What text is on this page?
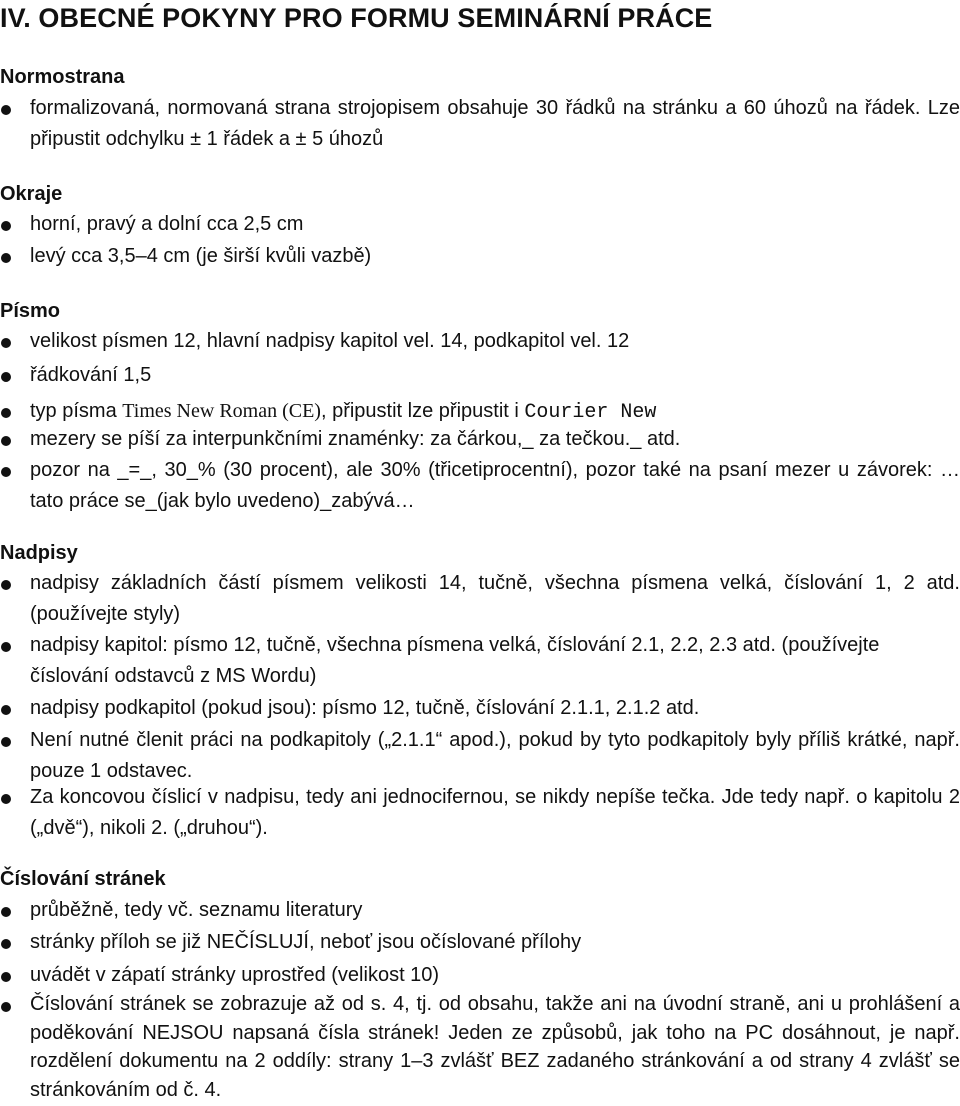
IV. OBECNÉ POKYNY PRO FORMU SEMINÁRNÍ PRÁCE
Normostrana
formalizovaná, normovaná strana strojopisem obsahuje 30 řádků na stránku a 60 úhozů na řádek. Lze připustit odchylku ± 1 řádek a ± 5 úhozů
Okraje
horní, pravý a dolní cca 2,5 cm
levý cca 3,5–4 cm (je širší kvůli vazbě)
Písmo
velikost písmen 12, hlavní nadpisy kapitol vel. 14, podkapitol vel. 12
řádkování 1,5
typ písma Times New Roman (CE), připustit lze připustit i Courier New
mezery se píší za interpunkčními znaménky: za čárkou,_ za tečkou._ atd.
pozor na _=_, 30_% (30 procent), ale 30% (třicetiprocentní), pozor také na psaní mezer u závorek: …tato práce se_(jak bylo uvedeno)_zabývá…
Nadpisy
nadpisy základních částí písmem velikosti 14, tučně, všechna písmena velká, číslování 1, 2 atd. (používejte styly)
nadpisy kapitol: písmo 12, tučně, všechna písmena velká, číslování 2.1, 2.2, 2.3 atd. (používejte číslování odstavců z MS Wordu)
nadpisy podkapitol (pokud jsou): písmo 12, tučně, číslování 2.1.1, 2.1.2 atd.
Není nutné členit práci na podkapitoly („2.1.1“ apod.), pokud by tyto podkapitoly byly příliš krátké, např. pouze 1 odstavec.
Za koncovou číslicí v nadpisu, tedy ani jednocifernou, se nikdy nepíše tečka. Jde tedy např. o kapitolu 2 („dvě“), nikoli 2. („druhou“).
Číslování stránek
průběžně, tedy vč. seznamu literatury
stránky příloh se již NEČÍSLUJÍ, neboť jsou očíslované přílohy
uvádět v zápatí stránky uprostřed (velikost 10)
Číslování stránek se zobrazuje až od s. 4, tj. od obsahu, takže ani na úvodní straně, ani u prohlášení a poděkování NEJSOU napsaná čísla stránek! Jeden ze způsobů, jak toho na PC dosáhnout, je např. rozdělení dokumentu na 2 oddíly: strany 1–3 zvlášť BEZ zadaného stránkování a od strany 4 zvlášť se stránkováním od č. 4.
